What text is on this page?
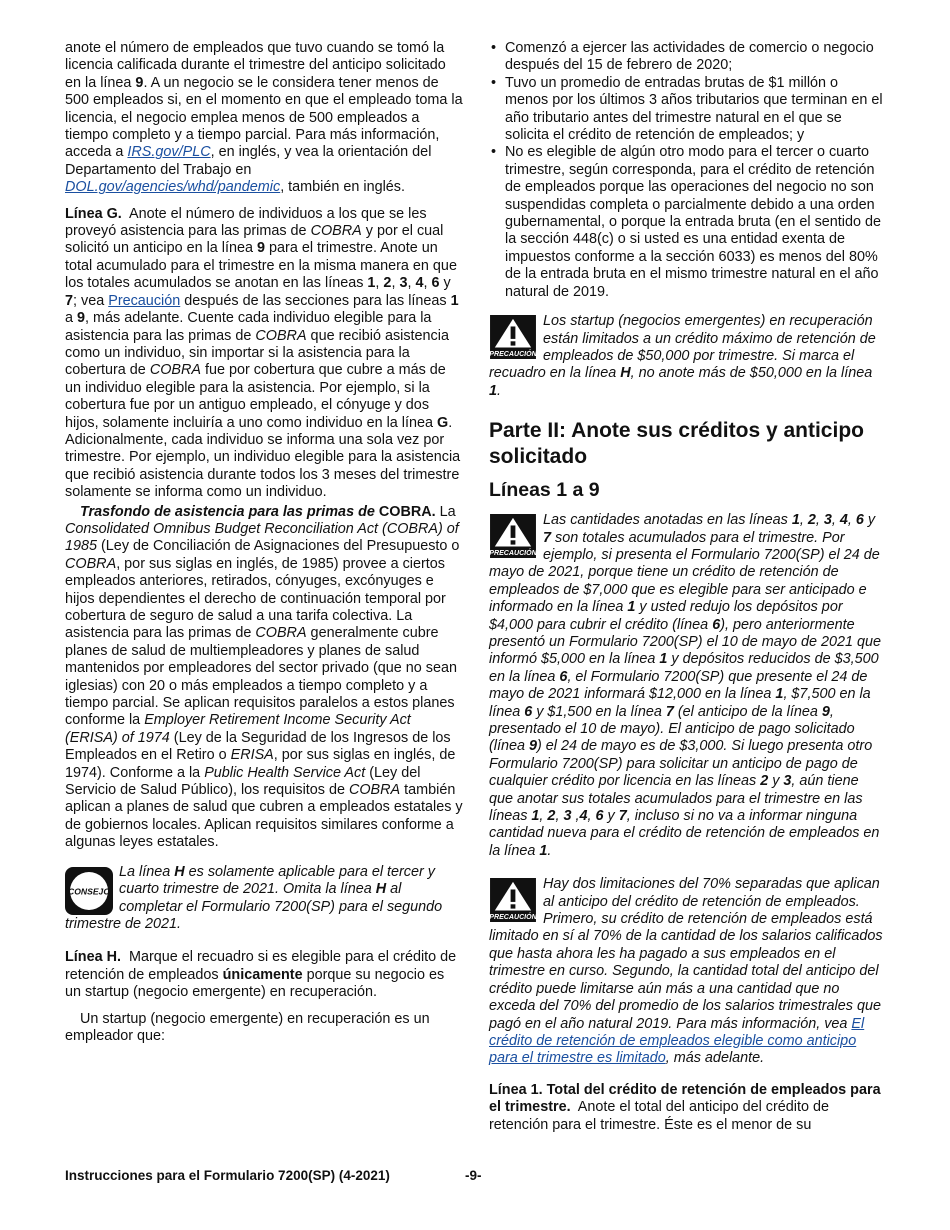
anote el número de empleados que tuvo cuando se tomó la licencia calificada durante el trimestre del anticipo solicitado en la línea 9. A un negocio se le considera tener menos de 500 empleados si, en el momento en que el empleado toma la licencia, el negocio emplea menos de 500 empleados a tiempo completo y a tiempo parcial. Para más información, acceda a IRS.gov/PLC, en inglés, y vea la orientación del Departamento del Trabajo en DOL.gov/agencies/whd/pandemic, también en inglés.

Línea G. Anote el número de individuos a los que se les proveyó asistencia para las primas de COBRA y por el cual solicitó un anticipo en la línea 9 para el trimestre. Anote un total acumulado para el trimestre en la misma manera en que los totales acumulados se anotan en las líneas 1, 2, 3, 4, 6 y 7; vea Precaución después de las secciones para las líneas 1 a 9, más adelante. Cuente cada individuo elegible para la asistencia para las primas de COBRA que recibió asistencia como un individuo, sin importar si la asistencia para la cobertura de COBRA fue por cobertura que cubre a más de un individuo elegible para la asistencia. Por ejemplo, si la cobertura fue por un antiguo empleado, el cónyuge y dos hijos, solamente incluiría a uno como individuo en la línea G. Adicionalmente, cada individuo se informa una sola vez por trimestre. Por ejemplo, un individuo elegible para la asistencia que recibió asistencia durante todos los 3 meses del trimestre solamente se informa como un individuo.

Trasfondo de asistencia para las primas de COBRA. La Consolidated Omnibus Budget Reconciliation Act (COBRA) of 1985 (Ley de Conciliación de Asignaciones del Presupuesto o COBRA, por sus siglas en inglés, de 1985) provee a ciertos empleados anteriores, retirados, cónyuges, excónyuges e hijos dependientes el derecho de continuación temporal por cobertura de seguro de salud a una tarifa colectiva. La asistencia para las primas de COBRA generalmente cubre planes de salud de multiempleadores y planes de salud mantenidos por empleadores del sector privado (que no sean iglesias) con 20 o más empleados a tiempo completo y a tiempo parcial. Se aplican requisitos paralelos a estos planes conforme la Employer Retirement Income Security Act (ERISA) of 1974 (Ley de la Seguridad de los Ingresos de los Empleados en el Retiro o ERISA, por sus siglas en inglés, de 1974). Conforme a la Public Health Service Act (Ley del Servicio de Salud Público), los requisitos de COBRA también aplican a planes de salud que cubren a empleados estatales y de gobiernos locales. Aplican requisitos similares conforme a algunas leyes estatales.

CONSEJO
La línea H es solamente aplicable para el tercer y cuarto trimestre de 2021. Omita la línea H al completar el Formulario 7200(SP) para el segundo trimestre de 2021.

Línea H. Marque el recuadro si es elegible para el crédito de retención de empleados únicamente porque su negocio es un startup (negocio emergente) en recuperación.

Un startup (negocio emergente) en recuperación es un empleador que:

• Comenzó a ejercer las actividades de comercio o negocio después del 15 de febrero de 2020;

• Tuvo un promedio de entradas brutas de $1 millón o menos por los últimos 3 años tributarios que terminan en el año tributario antes del trimestre natural en el que se solicita el crédito de retención de empleados; y

• No es elegible de algún otro modo para el tercer o cuarto trimestre, según corresponda, para el crédito de retención de empleados porque las operaciones del negocio no son suspendidas completa o parcialmente debido a una orden gubernamental, o porque la entrada bruta (en el sentido de la sección 448(c) o si usted es una entidad exenta de impuestos conforme a la sección 6033) es menos del 80% de la entrada bruta en el mismo trimestre natural en el año natural de 2019.

PRECAUCIÓN
Los startup (negocios emergentes) en recuperación están limitados a un crédito máximo de retención de empleados de $50,000 por trimestre. Si marca el recuadro en la línea H, no anote más de $50,000 en la línea 1.
Parte II: Anote sus créditos y anticipo solicitado
Líneas 1 a 9
PRECAUCIÓN
Las cantidades anotadas en las líneas 1, 2, 3, 4, 6 y 7 son totales acumulados para el trimestre. Por ejemplo, si presenta el Formulario 7200(SP) el 24 de mayo de 2021, porque tiene un crédito de retención de empleados de $7,000 que es elegible para ser anticipado e informado en la línea 1 y usted redujo los depósitos por $4,000 para cubrir el crédito (línea 6), pero anteriormente presentó un Formulario 7200(SP) el 10 de mayo de 2021 que informó $5,000 en la línea 1 y depósitos reducidos de $3,500 en la línea 6, el Formulario 7200(SP) que presente el 24 de mayo de 2021 informará $12,000 en la línea 1, $7,500 en la línea 6 y $1,500 en la línea 7 (el anticipo de la línea 9, presentado el 10 de mayo). El anticipo de pago solicitado (línea 9) el 24 de mayo es de $3,000. Si luego presenta otro Formulario 7200(SP) para solicitar un anticipo de pago de cualquier crédito por licencia en las líneas 2 y 3, aún tiene que anotar sus totales acumulados para el trimestre en las líneas 1, 2, 3 ,4, 6 y 7, incluso si no va a informar ninguna cantidad nueva para el crédito de retención de empleados en la línea 1.
PRECAUCIÓN
Hay dos limitaciones del 70% separadas que aplican al anticipo del crédito de retención de empleados. Primero, su crédito de retención de empleados está limitado en sí al 70% de la cantidad de los salarios calificados que hasta ahora les ha pagado a sus empleados en el trimestre en curso. Segundo, la cantidad total del anticipo del crédito puede limitarse aún más a una cantidad que no exceda del 70% del promedio de los salarios trimestrales que pagó en el año natural 2019. Para más información, vea El crédito de retención de empleados elegible como anticipo para el trimestre es limitado, más adelante.

Línea 1. Total del crédito de retención de empleados para el trimestre. Anote el total del anticipo del crédito de retención para el trimestre. Éste es el menor de su

Instrucciones para el Formulario 7200(SP) (4-2021)	-9-
